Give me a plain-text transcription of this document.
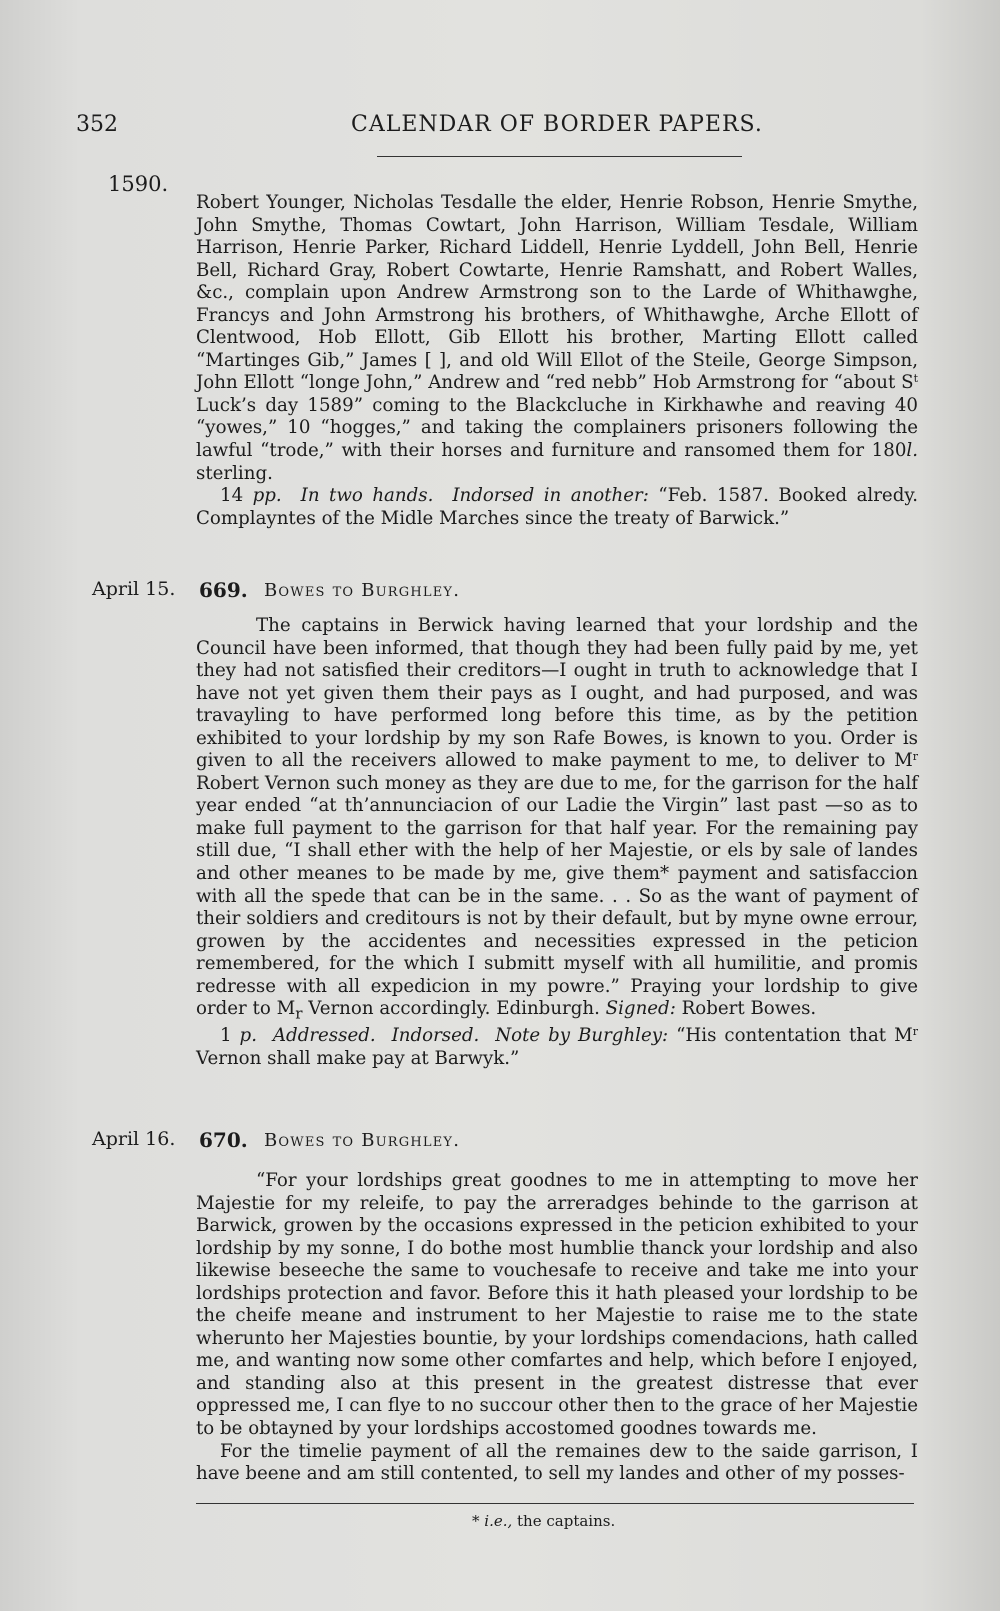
352	CALENDAR OF BORDER PAPERS.
1590.

Robert Younger, Nicholas Tesdalle the elder, Henrie Robson, Henrie Smythe, John Smythe, Thomas Cowtart, John Harrison, William Tesdale, William Harrison, Henrie Parker, Richard Liddell, Henrie Lyddell, John Bell, Henrie Bell, Richard Gray, Robert Cowtarte, Henrie Ramshatt, and Robert Walles, &c., complain upon Andrew Armstrong son to the Larde of Whithawghe, Francys and John Armstrong his brothers, of Whithawghe, Arche Ellott of Clentwood, Hob Ellott, Gib Ellott his brother, Marting Ellott called “Martinges Gib,” James [ ], and old Will Ellot of the Steile, George Simpson, John Ellott “longe John,” Andrew and “red nebb” Hob Armstrong for “about $S^t$ Luck’s day 1589” coming to the Blackcluche in Kirkhawhe and reaving 40 “yowes,” 10 “hogges,” and taking the complainers prisoners following the lawful “trode,” with their horses and furniture and ransomed them for 180l. sterling.

14 pp. In two hands. Indorsed in another: “Feb. 1587. Booked alredy. Complayntes of the Midle Marches since the treaty of Barwick.”

April 15. 669. Bowes to Burghley.

The captains in Berwick having learned that your lordship and the Council have been informed, that though they had been fully paid by me, yet they had not satisfied their creditors—I ought in truth to acknowledge that I have not yet given them their pays as I ought, and had purposed, and was travayling to have performed long before this time, as by the petition exhibited to your lordship by my son Rafe Bowes, is known to you. Order is given to all the receivers allowed to make payment to me, to deliver to $M^r$ Robert Vernon such money as they are due to me, for the garrison for the half year ended “at th’annunciacion of our Ladie the Virgin” last past —so as to make full payment to the garrison for that half year. For the remaining pay still due, “I shall ether with the help of her Majestie, or els by sale of landes and other meanes to be made by me, give them* payment and satisfaccion with all the spede that can be in the same. . . So as the want of payment of their soldiers and creditours is not by their default, but by myne owne errour, growen by the accidentes and necessities expressed in the peticion remembered, for the which I submitt myself with all humilitie, and promis redresse with all expedicion in my powre.” Praying your lordship to give order to $M_r$ Vernon accordingly. Edinburgh. Signed: Robert Bowes.

1 p. Addressed. Indorsed. Note by Burghley: “His contentation that $M^r$ Vernon shall make pay at Barwyk.”

April 16. 670. Bowes to Burghley.

“For your lordships great goodnes to me in attempting to move her Majestie for my releife, to pay the arreradges behinde to the garrison at Barwick, growen by the occasions expressed in the peticion exhibited to your lordship by my sonne, I do bothe most humblie thanck your lordship and also likewise beseeche the same to vouchesafe to receive and take me into your lordships protection and favor. Before this it hath pleased your lordship to be the cheife meane and instrument to her Majestie to raise me to the state wherunto her Majesties bountie, by your lordships comendacions, hath called me, and wanting now some other comfartes and help, which before I enjoyed, and standing also at this present in the greatest distresse that ever oppressed me, I can flye to no succour other then to the grace of her Majestie to be obtayned by your lordships accostomed goodnes towards me.

For the timelie payment of all the remaines dew to the saide garrison, I have beene and am still contented, to sell my landes and other of my posses-

* i.e., the captains.
